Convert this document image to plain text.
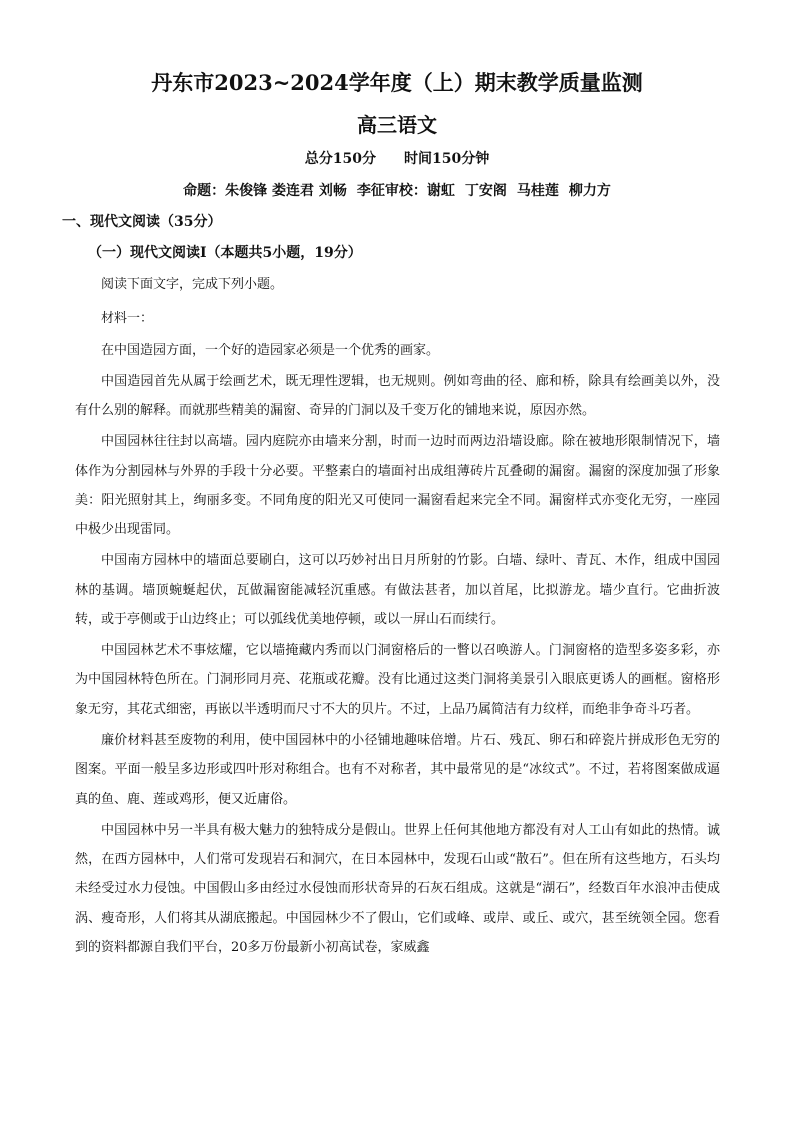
丹东市2023~2024学年度（上）期末教学质量监测
高三语文
总分150分 时间150分钟
命题：朱俊锋 娄连君 刘畅 李征审校：谢虹 丁安阁 马桂莲 柳力方
一、现代文阅读（35分）
（一）现代文阅读Ⅰ（本题共5小题，19分）
阅读下面文字，完成下列小题。
材料一：

在中国造园方面，一个好的造园家必须是一个优秀的画家。

中国造园首先从属于绘画艺术，既无理性逻辑，也无规则。例如弯曲的径、廊和桥，除具有绘画美以外，没有什么别的解释。而就那些精美的漏窗、奇异的门洞以及千变万化的铺地来说，原因亦然。

中国园林往往封以高墙。园内庭院亦由墙来分割，时而一边时而两边沿墙设廊。除在被地形限制情况下，墙体作为分割园林与外界的手段十分必要。平整素白的墙面衬出成组薄砖片瓦叠砌的漏窗。漏窗的深度加强了形象美：阳光照射其上，绚丽多变。不同角度的阳光又可使同一漏窗看起来完全不同。漏窗样式亦变化无穷，一座园中极少出现雷同。

中国南方园林中的墙面总要刷白，这可以巧妙衬出日月所射的竹影。白墙、绿叶、青瓦、木作，组成中国园林的基调。墙顶蜿蜒起伏，瓦做漏窗能减轻沉重感。有做法甚者，加以首尾，比拟游龙。墙少直行。它曲折波转，或于亭侧或于山边终止；可以弧线优美地停顿，或以一屏山石而续行。

中国园林艺术不事炫耀，它以墙掩藏内秀而以门洞窗格后的一瞥以召唤游人。门洞窗格的造型多姿多彩，亦为中国园林特色所在。门洞形同月亮、花瓶或花瓣。没有比通过这类门洞将美景引入眼底更诱人的画框。窗格形象无穷，其花式细密，再嵌以半透明而尺寸不大的贝片。不过，上品乃属简洁有力纹样，而绝非争奇斗巧者。

廉价材料甚至废物的利用，使中国园林中的小径铺地趣味倍增。片石、残瓦、卵石和碎瓷片拼成形色无穷的图案。平面一般呈多边形或四叶形对称组合。也有不对称者，其中最常见的是“冰纹式”。不过，若将图案做成逼真的鱼、鹿、莲或鸡形，便又近庸俗。

中国园林中另一半具有极大魅力的独特成分是假山。世界上任何其他地方都没有对人工山有如此的热情。诚然，在西方园林中，人们常可发现岩石和洞穴，在日本园林中，发现石山或“散石”。但在所有这些地方，石头均未经受过水力侵蚀。中国假山多由经过水侵蚀而形状奇异的石灰石组成。这就是“湖石”，经数百年水浪冲击使成涡、瘦奇形，人们将其从湖底搬起。中国园林少不了假山，它们或峰、或岸、或丘、或穴，甚至统领全园。您看到的资料都源自我们平台，20多万份最新小初高试卷，家威鑫
